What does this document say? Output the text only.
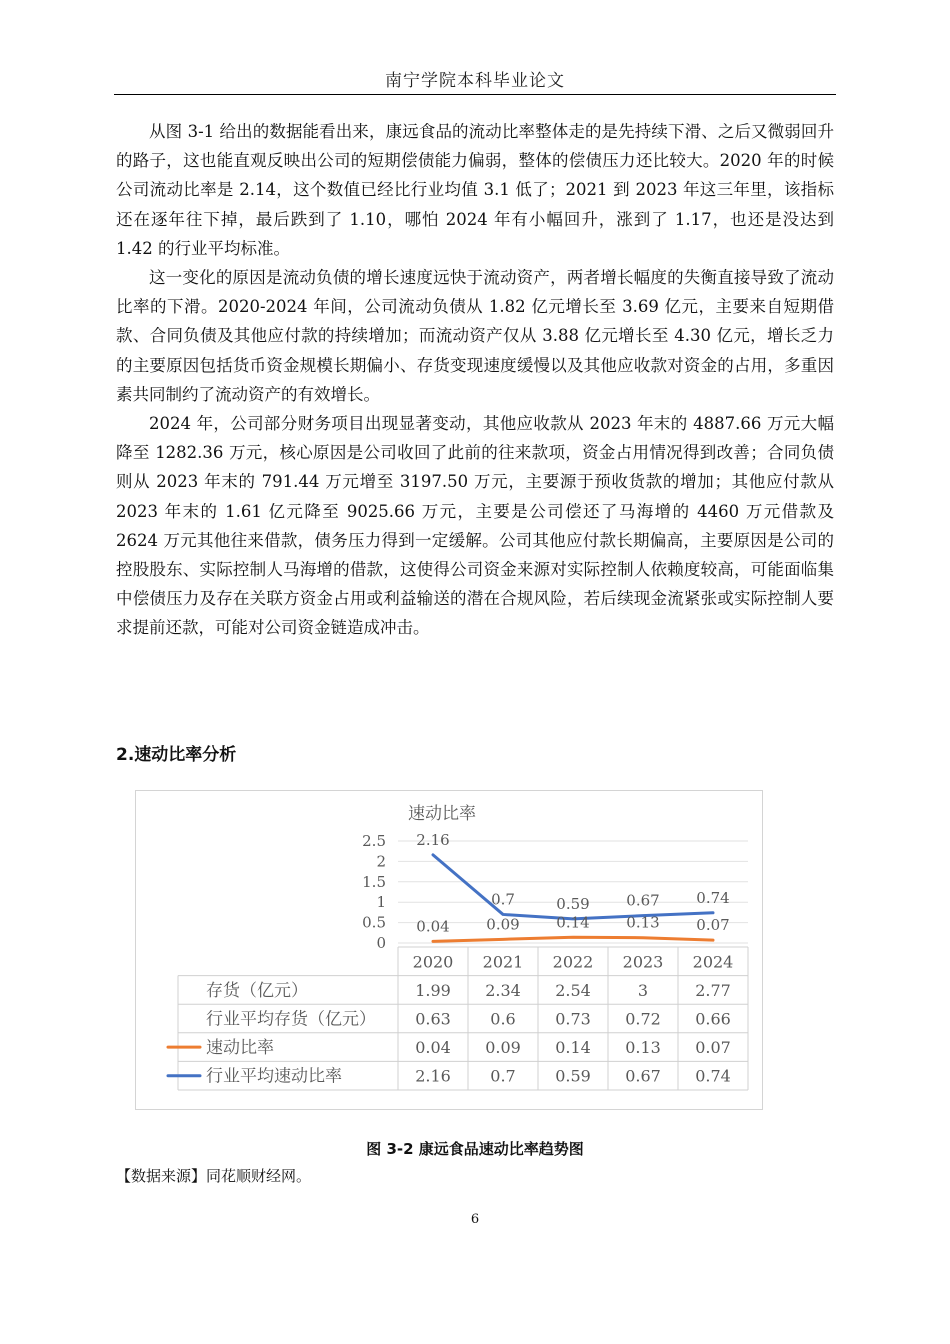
南宁学院本科毕业论文

从图 3-1 给出的数据能看出来，康远食品的流动比率整体走的是先持续下滑、之后又微弱回升的路子，这也能直观反映出公司的短期偿债能力偏弱，整体的偿债压力还比较大。2020 年的时候公司流动比率是 2.14，这个数值已经比行业均值 3.1 低了；2021 到 2023 年这三年里，该指标还在逐年往下掉，最后跌到了 1.10，哪怕 2024 年有小幅回升，涨到了 1.17，也还是没达到 1.42 的行业平均标准。

这一变化的原因是流动负债的增长速度远快于流动资产，两者增长幅度的失衡直接导致了流动比率的下滑。2020-2024 年间，公司流动负债从 1.82 亿元增长至 3.69 亿元，主要来自短期借款、合同负债及其他应付款的持续增加；而流动资产仅从 3.88 亿元增长至 4.30 亿元，增长乏力的主要原因包括货币资金规模长期偏小、存货变现速度缓慢以及其他应收款对资金的占用，多重因素共同制约了流动资产的有效增长。

2024 年，公司部分财务项目出现显著变动，其他应收款从 2023 年末的 4887.66 万元大幅降至 1282.36 万元，核心原因是公司收回了此前的往来款项，资金占用情况得到改善；合同负债则从 2023 年末的 791.44 万元增至 3197.50 万元，主要源于预收货款的增加；其他应付款从 2023 年末的 1.61 亿元降至 9025.66 万元，主要是公司偿还了马海增的 4460 万元借款及 2624 万元其他往来借款，债务压力得到一定缓解。公司其他应付款长期偏高，主要原因是公司的控股股东、实际控制人马海增的借款，这使得公司资金来源对实际控制人依赖度较高，可能面临集中偿债压力及存在关联方资金占用或利益输送的潜在合规风险，若后续现金流紧张或实际控制人要求提前还款，可能对公司资金链造成冲击。

2.速动比率分析
速动比率
2.5
2
1.5
1
0.5
0
2.16
0.7	0.59 0.67 0.74
0.04 0.09 0.14 0.13 0.07
2020 2021 2022 2023 2024
存货（亿元）	1.99 2.34 2.54	3	2.77
行业平均存货（亿元） 0.63 0.6 0.73 0.72 0.66
速动比率	0.04 0.09 0.14 0.13 0.07
行业平均速动比率	2.16 0.7 0.59 0.67 0.74
图 3-2 康远食品速动比率趋势图
【数据来源】同花顺财经网。
6
